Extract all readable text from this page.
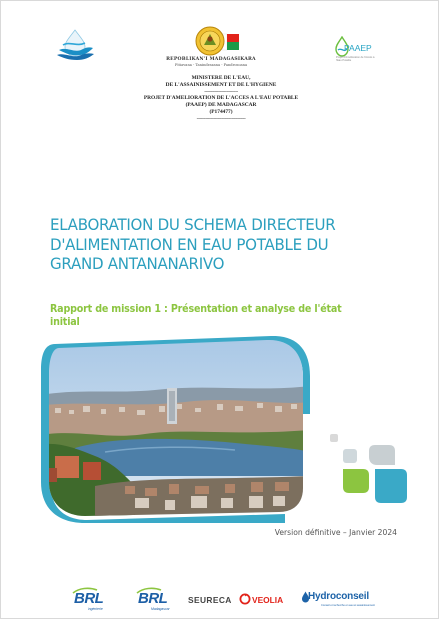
REPOBLIKAN'I MADAGASIKARA
Fitiavana - Tanindrazana - Fandrosoana
PAAEP
Projet d'Amélioration de l'Accès à l'Eau Potable
MINISTERE DE L'EAU,
DE L'ASSAINISSEMENT ET DE L'HYGIENE
------------------------
PROJET D'AMELIORATION DE L'ACCES A L'EAU POTABLE
(PAAEP) DE MADAGASCAR
(P174477)
-----------------------------------
ELABORATION DU SCHEMA DIRECTEUR
D'ALIMENTATION EN EAU POTABLE DU
GRAND ANTANANARIVO
Rapport de mission 1 : Présentation et analyse de l'état
initial
Version définitive – Janvier 2024
BRL
ingénierie
BRL
Madagascar
SEURECA VEOLIA Hydroconseil
Conseil et recherche en eau et assainissement
